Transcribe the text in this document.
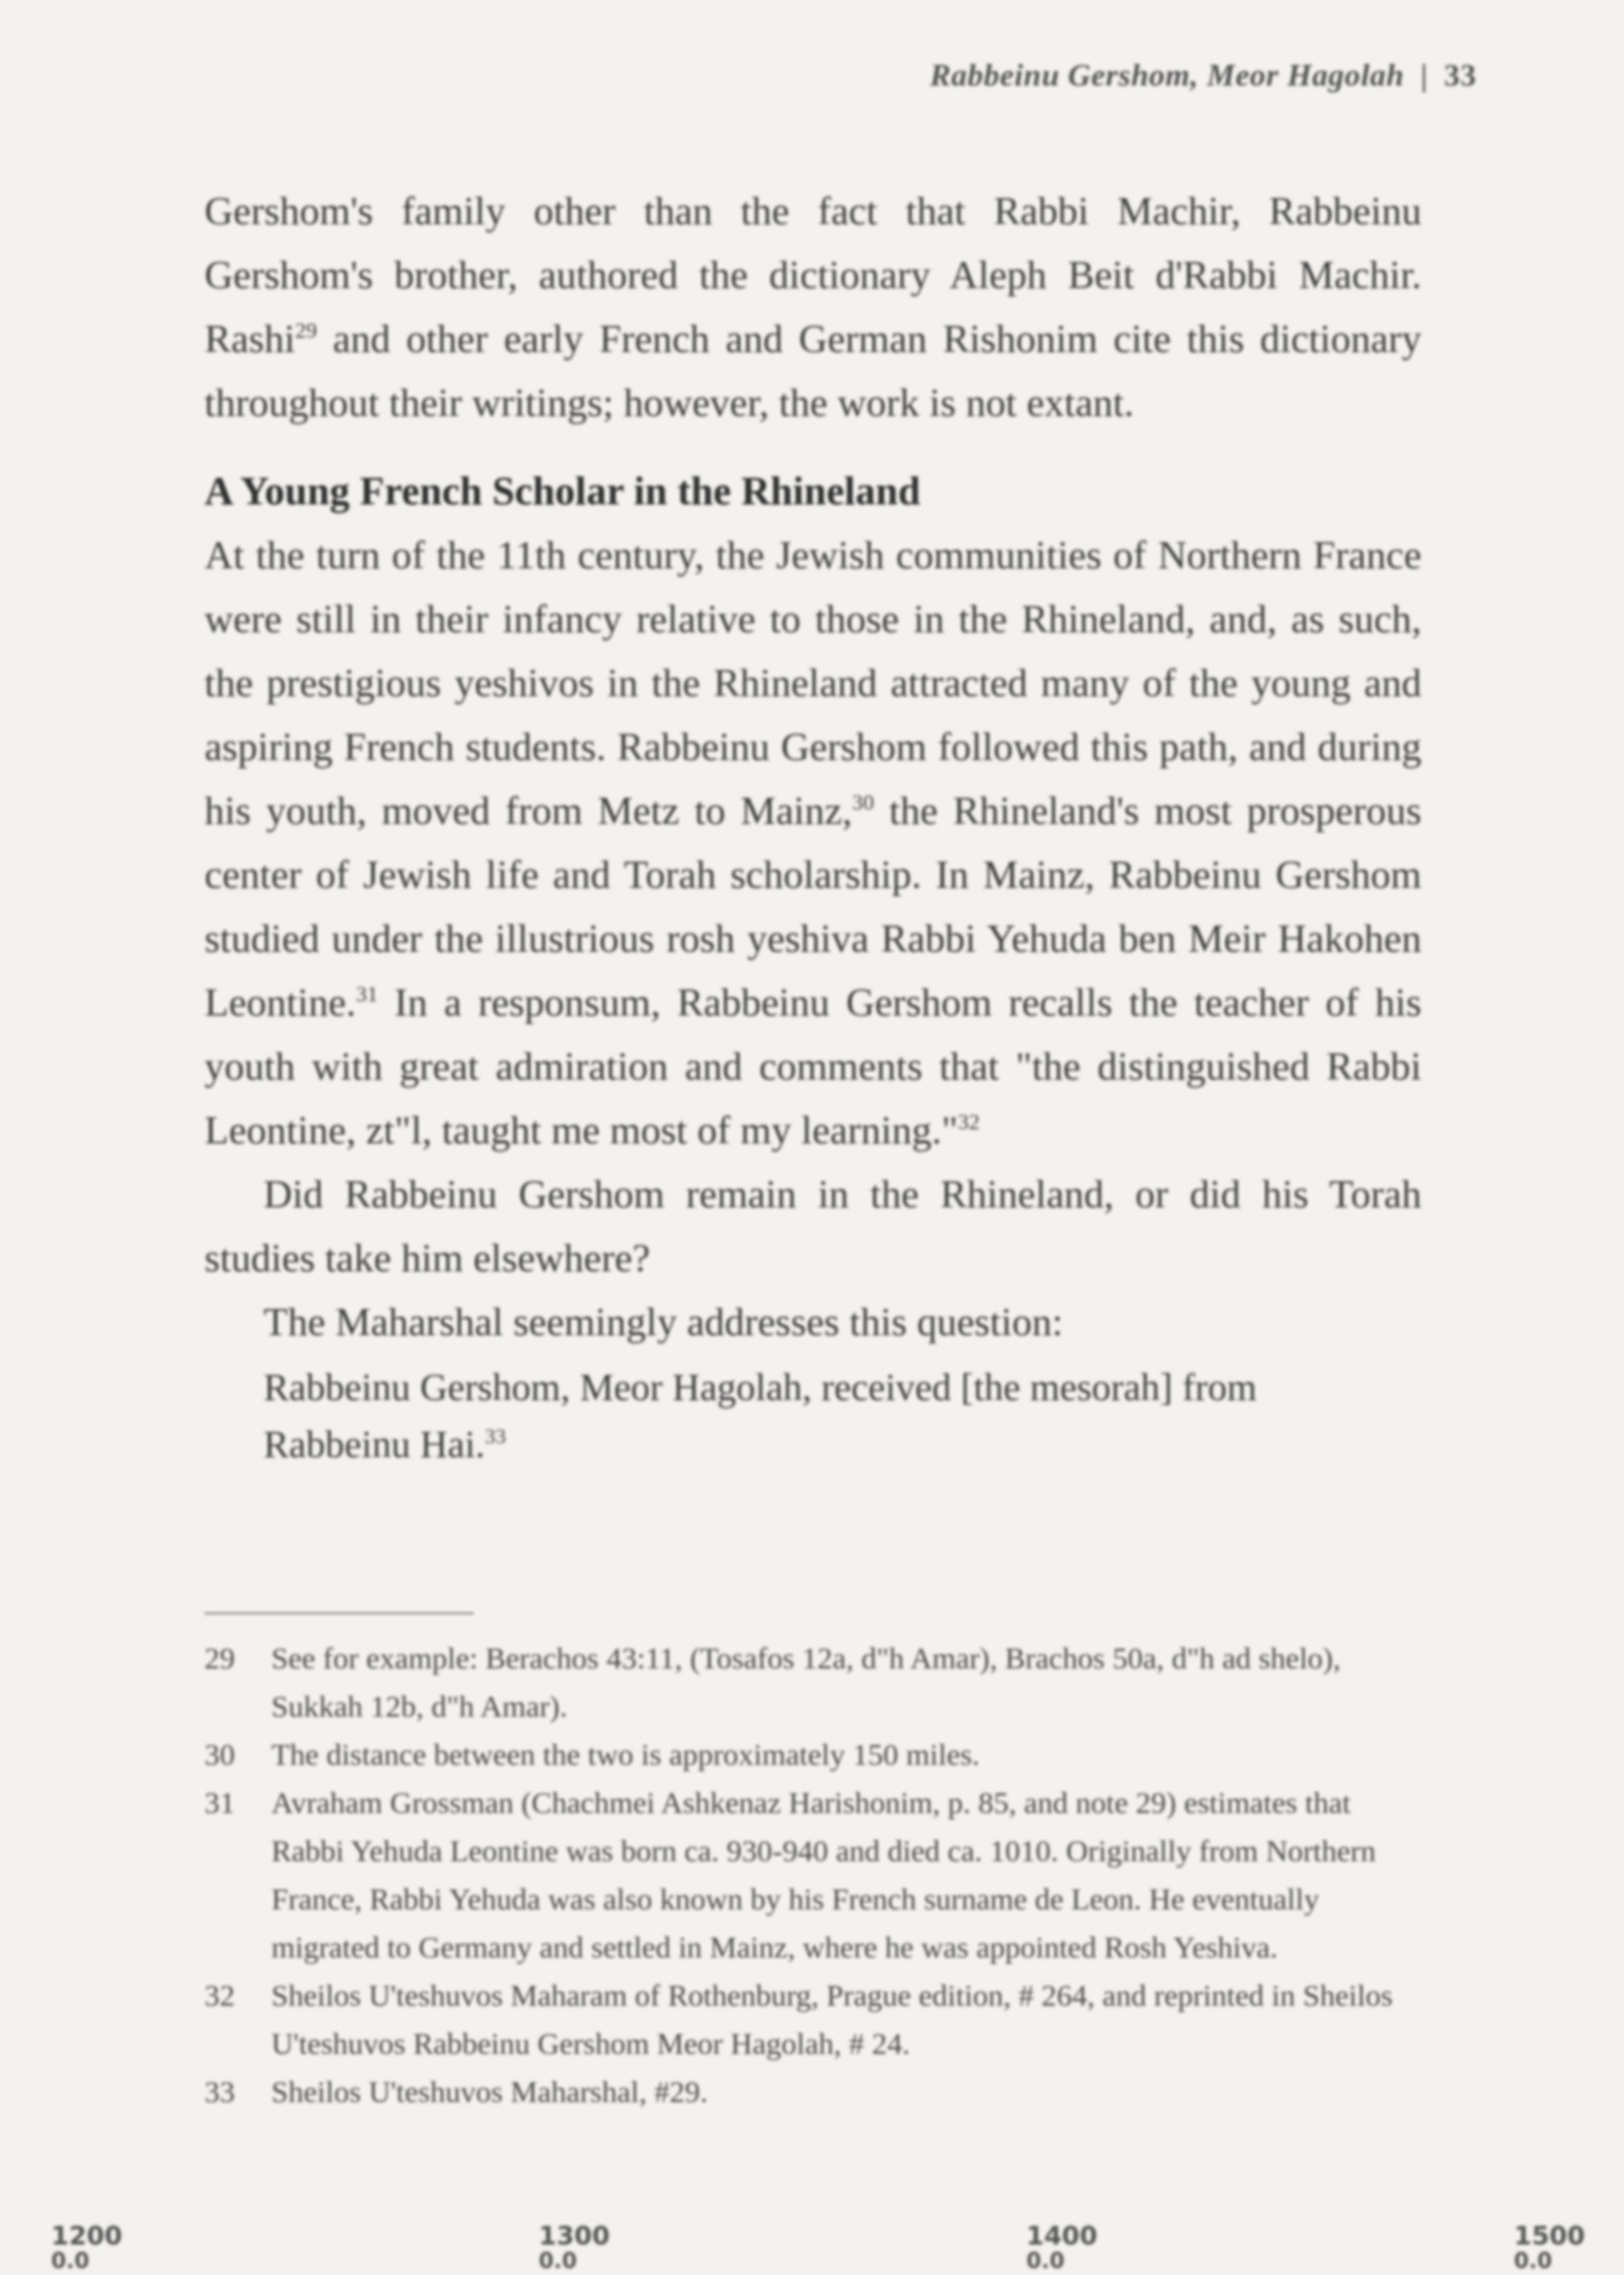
Rabbeinu Gershom, Meor Hagolah | 33

Gershom's family other than the fact that Rabbi Machir, Rabbeinu Gershom's brother, authored the dictionary Aleph Beit d'Rabbi Machir. Rashi$^{29}$ and other early French and German Rishonim cite this dictionary throughout their writings; however, the work is not extant.

A Young French Scholar in the Rhineland

At the turn of the 11th century, the Jewish communities of Northern France were still in their infancy relative to those in the Rhineland, and, as such, the prestigious yeshivos in the Rhineland attracted many of the young and aspiring French students. Rabbeinu Gershom followed this path, and during his youth, moved from Metz to Mainz,$^{30}$ the Rhineland's most prosperous center of Jewish life and Torah scholarship. In Mainz, Rabbeinu Gershom studied under the illustrious rosh yeshiva Rabbi Yehuda ben Meir Hakohen Leontine.$^{31}$ In a responsum, Rabbeinu Gershom recalls the teacher of his youth with great admiration and comments that "the distinguished Rabbi Leontine, zt"l, taught me most of my learning."$^{32}$

Did Rabbeinu Gershom remain in the Rhineland, or did his Torah studies take him elsewhere?

The Maharshal seemingly addresses this question:

Rabbeinu Gershom, Meor Hagolah, received [the mesorah] from Rabbeinu Hai.$^{33}$

29	See for example: Berachos 43:11, (Tosafos 12a, d"h Amar), Brachos 50a, d"h ad shelo), Sukkah 12b, d"h Amar).
30	The distance between the two is approximately 150 miles.
31	Avraham Grossman (Chachmei Ashkenaz Harishonim, p. 85, and note 29) estimates that Rabbi Yehuda Leontine was born ca. 930-940 and died ca. 1010. Originally from Northern France, Rabbi Yehuda was also known by his French surname de Leon. He eventually migrated to Germany and settled in Mainz, where he was appointed Rosh Yeshiva.
32	Sheilos U'teshuvos Maharam of Rothenburg, Prague edition, # 264, and reprinted in Sheilos U'teshuvos Rabbeinu Gershom Meor Hagolah, # 24.
33	Sheilos U'teshuvos Maharshal, #29.
1200
0.0
1300
0.0
1400
0.0
1500
0.0
